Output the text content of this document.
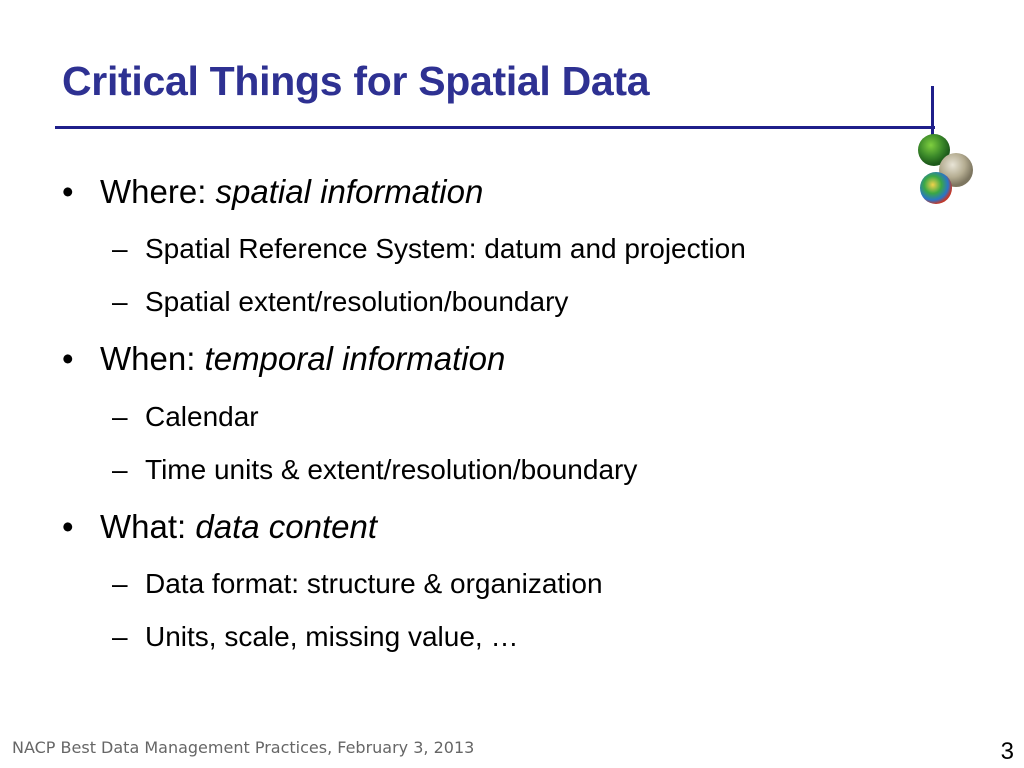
Critical Things for Spatial Data
• Where: spatial information
– Spatial Reference System: datum and projection
– Spatial extent/resolution/boundary
• When: temporal information
– Calendar
– Time units & extent/resolution/boundary
• What: data content
– Data format: structure & organization
– Units, scale, missing value, …
NACP Best Data Management Practices, February 3, 2013	3
